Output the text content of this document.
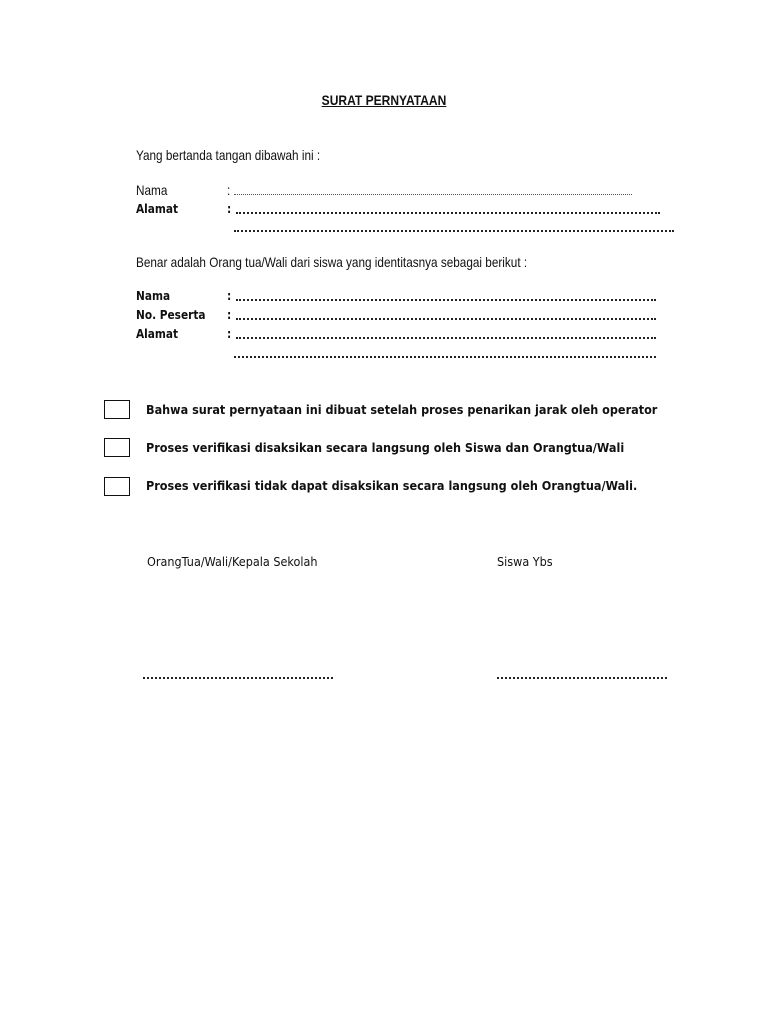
SURAT PERNYATAAN
Yang bertanda tangan dibawah ini :
Nama	:
Alamat	:
Benar adalah Orang tua/Wali dari siswa yang identitasnya sebagai berikut :
Nama	:
No. Peserta :
Alamat	:
Bahwa surat pernyataan ini dibuat setelah proses penarikan jarak oleh operator
Proses verifikasi disaksikan secara langsung oleh Siswa dan Orangtua/Wali
Proses verifikasi tidak dapat disaksikan secara langsung oleh Orangtua/Wali.
OrangTua/Wali/Kepala Sekolah	Siswa Ybs
